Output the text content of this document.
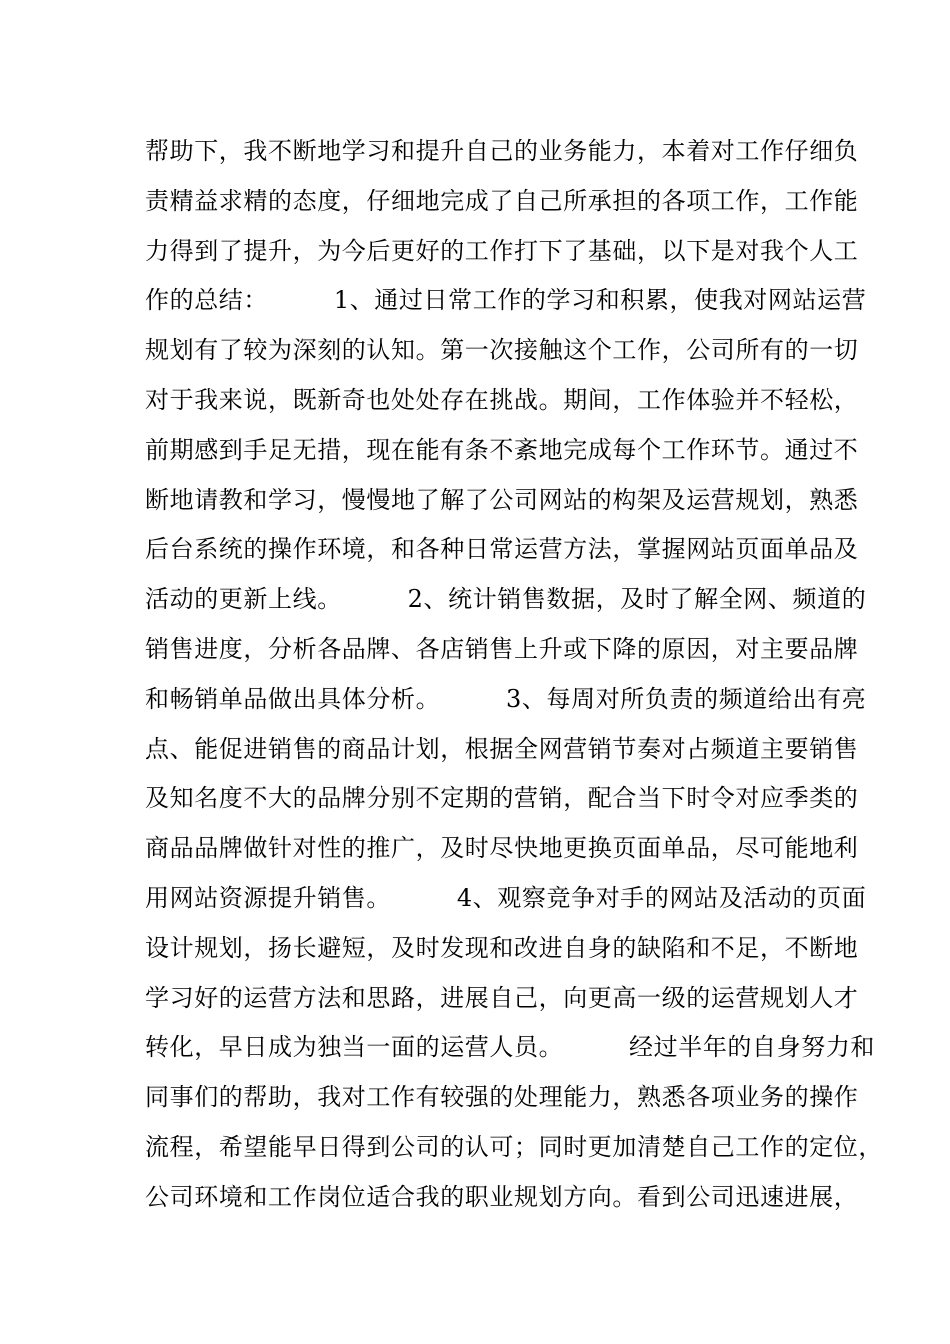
帮助下，我不断地学习和提升自己的业务能力，本着对工作仔细负
责精益求精的态度，仔细地完成了自己所承担的各项工作，工作能
力得到了提升，为今后更好的工作打下了基础，以下是对我个人工
作的总结：        1、通过日常工作的学习和积累，使我对网站运营
规划有了较为深刻的认知。第一次接触这个工作，公司所有的一切
对于我来说，既新奇也处处存在挑战。期间，工作体验并不轻松，
前期感到手足无措，现在能有条不紊地完成每个工作环节。通过不
断地请教和学习，慢慢地了解了公司网站的构架及运营规划，熟悉
后台系统的操作环境，和各种日常运营方法，掌握网站页面单品及
活动的更新上线。        2、统计销售数据，及时了解全网、频道的
销售进度，分析各品牌、各店销售上升或下降的原因，对主要品牌
和畅销单品做出具体分析。        3、每周对所负责的频道给出有亮
点、能促进销售的商品计划，根据全网营销节奏对占频道主要销售
及知名度不大的品牌分别不定期的营销，配合当下时令对应季类的
商品品牌做针对性的推广，及时尽快地更换页面单品，尽可能地利
用网站资源提升销售。        4、观察竞争对手的网站及活动的页面
设计规划，扬长避短，及时发现和改进自身的缺陷和不足，不断地
学习好的运营方法和思路，进展自己，向更高一级的运营规划人才
转化，早日成为独当一面的运营人员。        经过半年的自身努力和
同事们的帮助，我对工作有较强的处理能力，熟悉各项业务的操作
流程，希望能早日得到公司的认可；同时更加清楚自己工作的定位，
公司环境和工作岗位适合我的职业规划方向。看到公司迅速进展，
